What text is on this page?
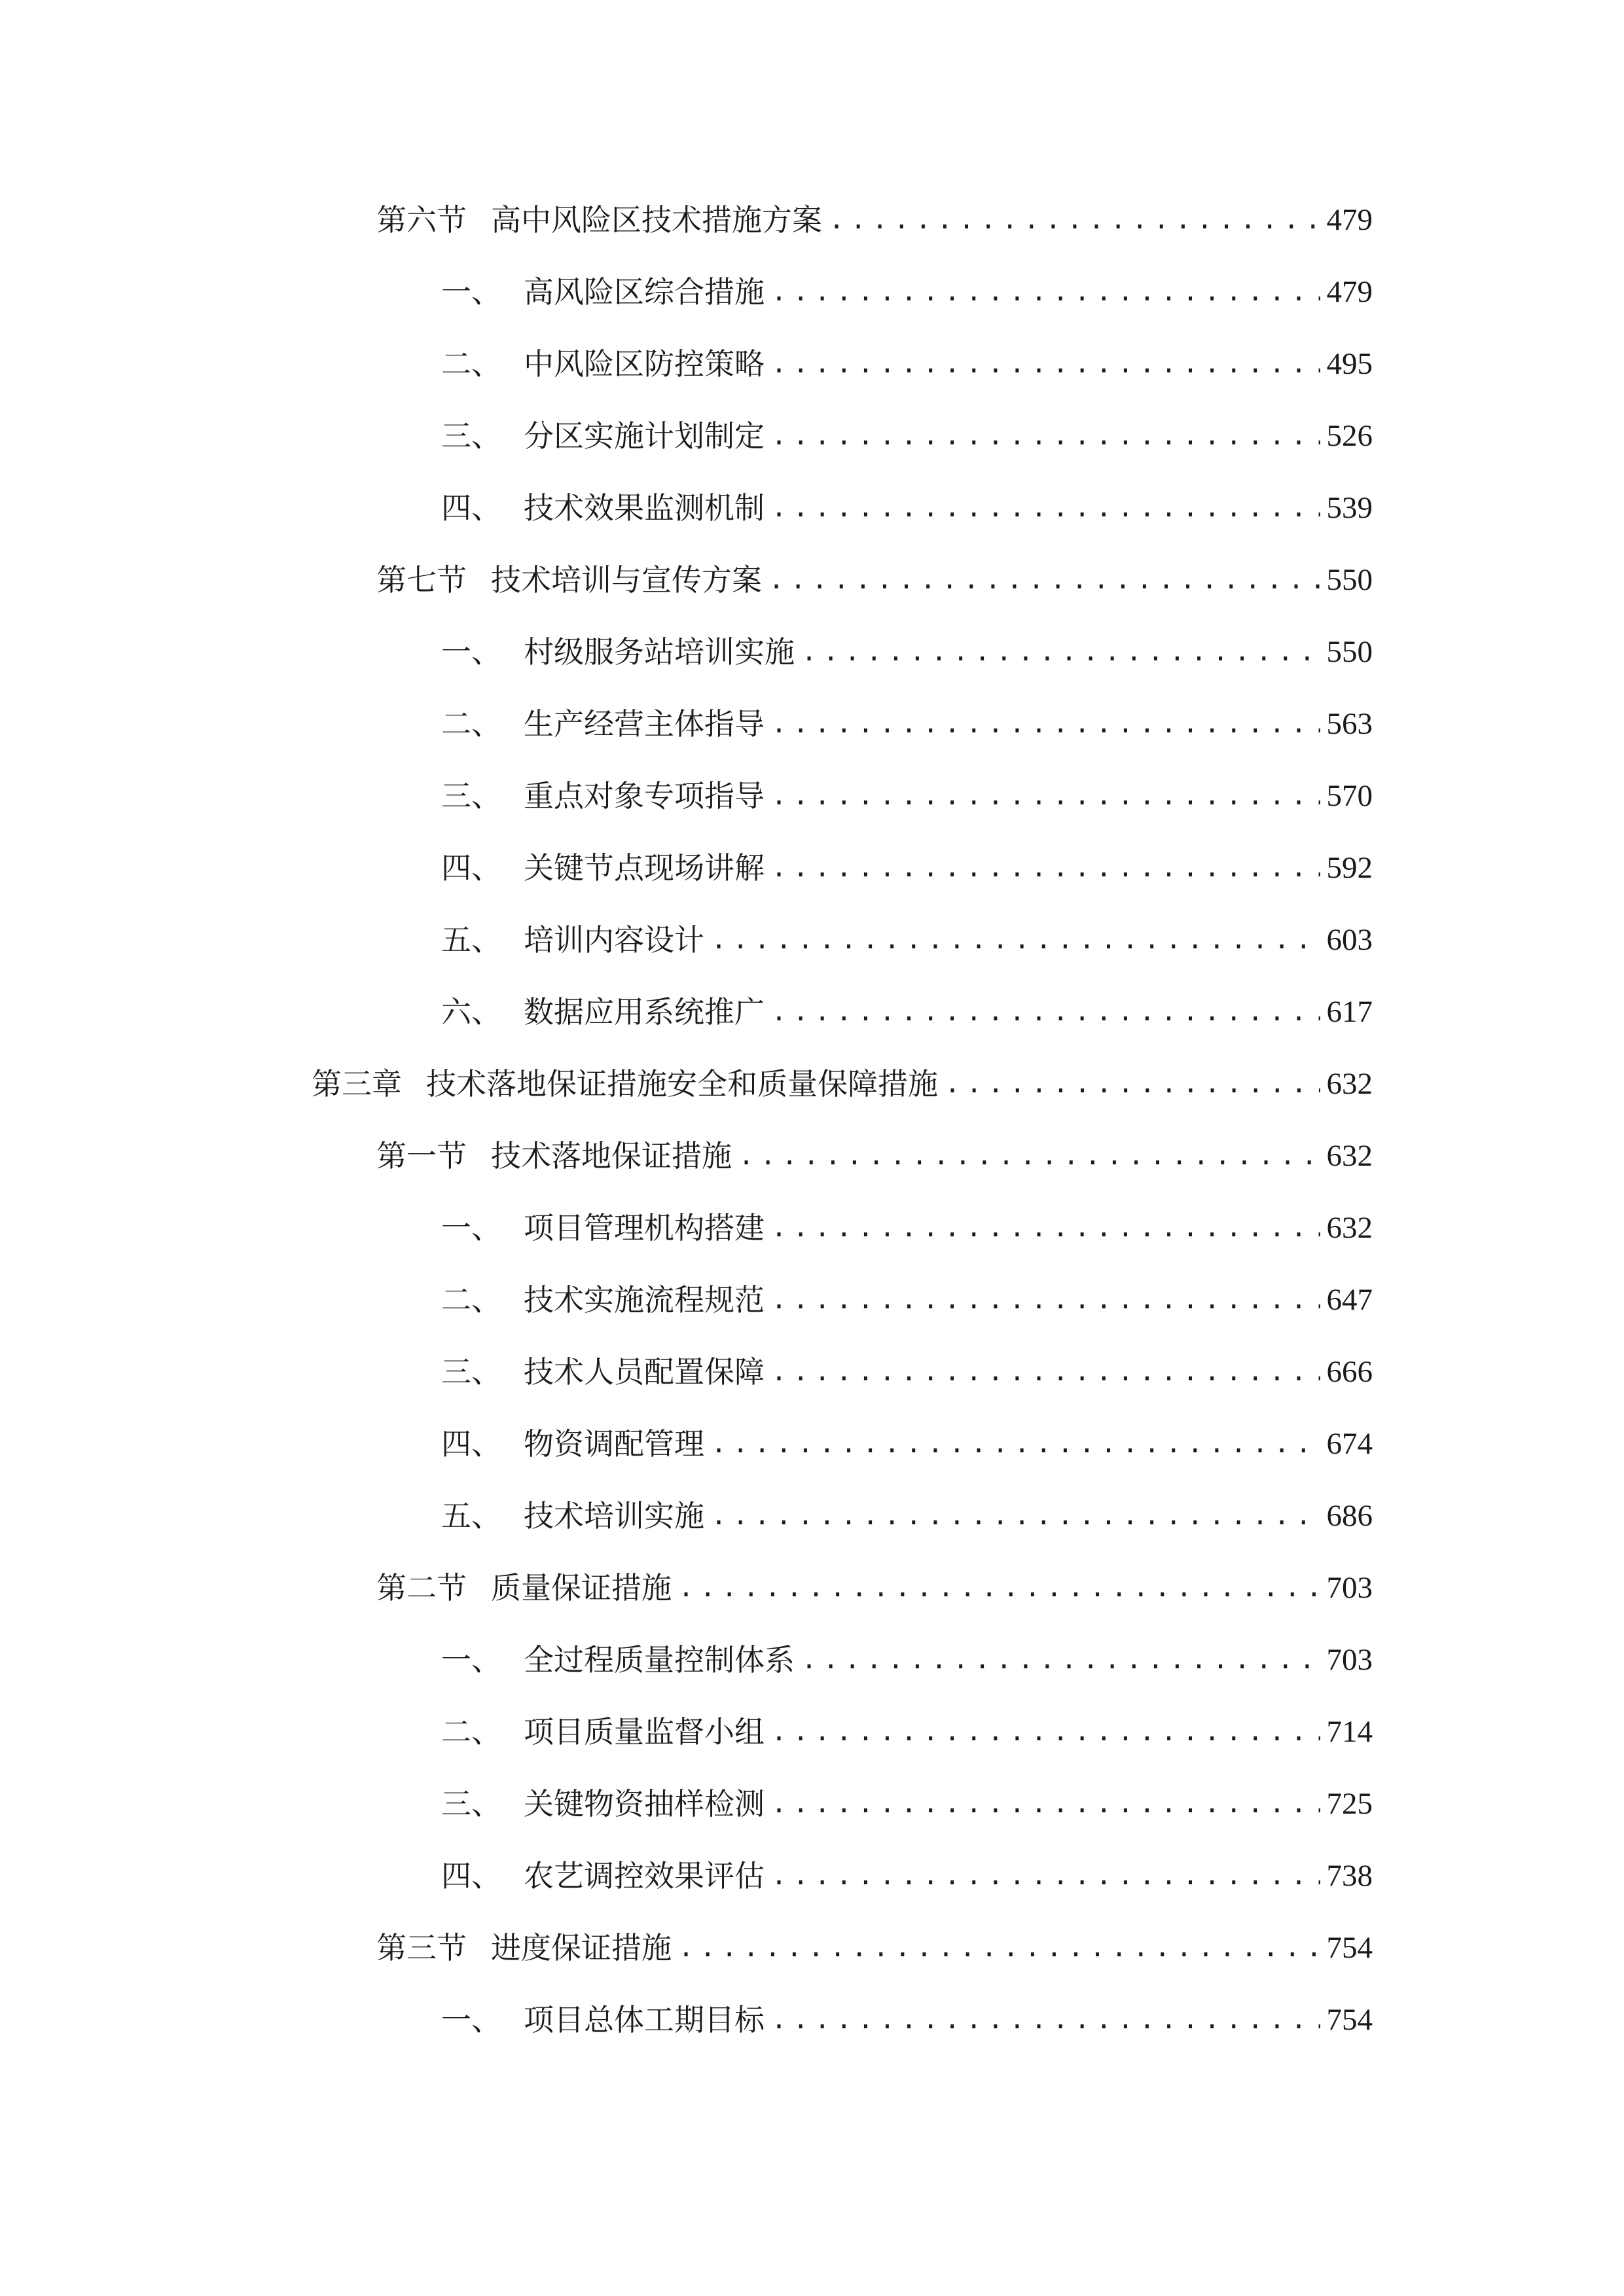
第六节 高中风险区技术措施方案 .....	479
一、 高风险区综合措施 .....	479
二、 中风险区防控策略 .....	495
三、 分区实施计划制定 .....	526
四、 技术效果监测机制 .....	539
第七节 技术培训与宣传方案 .....	550
一、 村级服务站培训实施 .....	550
二、 生产经营主体指导 .....	563
三、 重点对象专项指导 .....	570
四、 关键节点现场讲解 .....	592
五、 培训内容设计 .....	603
六、 数据应用系统推广 .....	617
第三章 技术落地保证措施安全和质量保障措施 .....	632
第一节 技术落地保证措施 .....	632
一、 项目管理机构搭建 .....	632
二、 技术实施流程规范 .....	647
三、 技术人员配置保障 .....	666
四、 物资调配管理 .....	674
五、 技术培训实施 .....	686
第二节 质量保证措施 .....	703
一、 全过程质量控制体系 .....	703
二、 项目质量监督小组 .....	714
三、 关键物资抽样检测 .....	725
四、 农艺调控效果评估 .....	738
第三节 进度保证措施 .....	754
一、 项目总体工期目标 .....	754
